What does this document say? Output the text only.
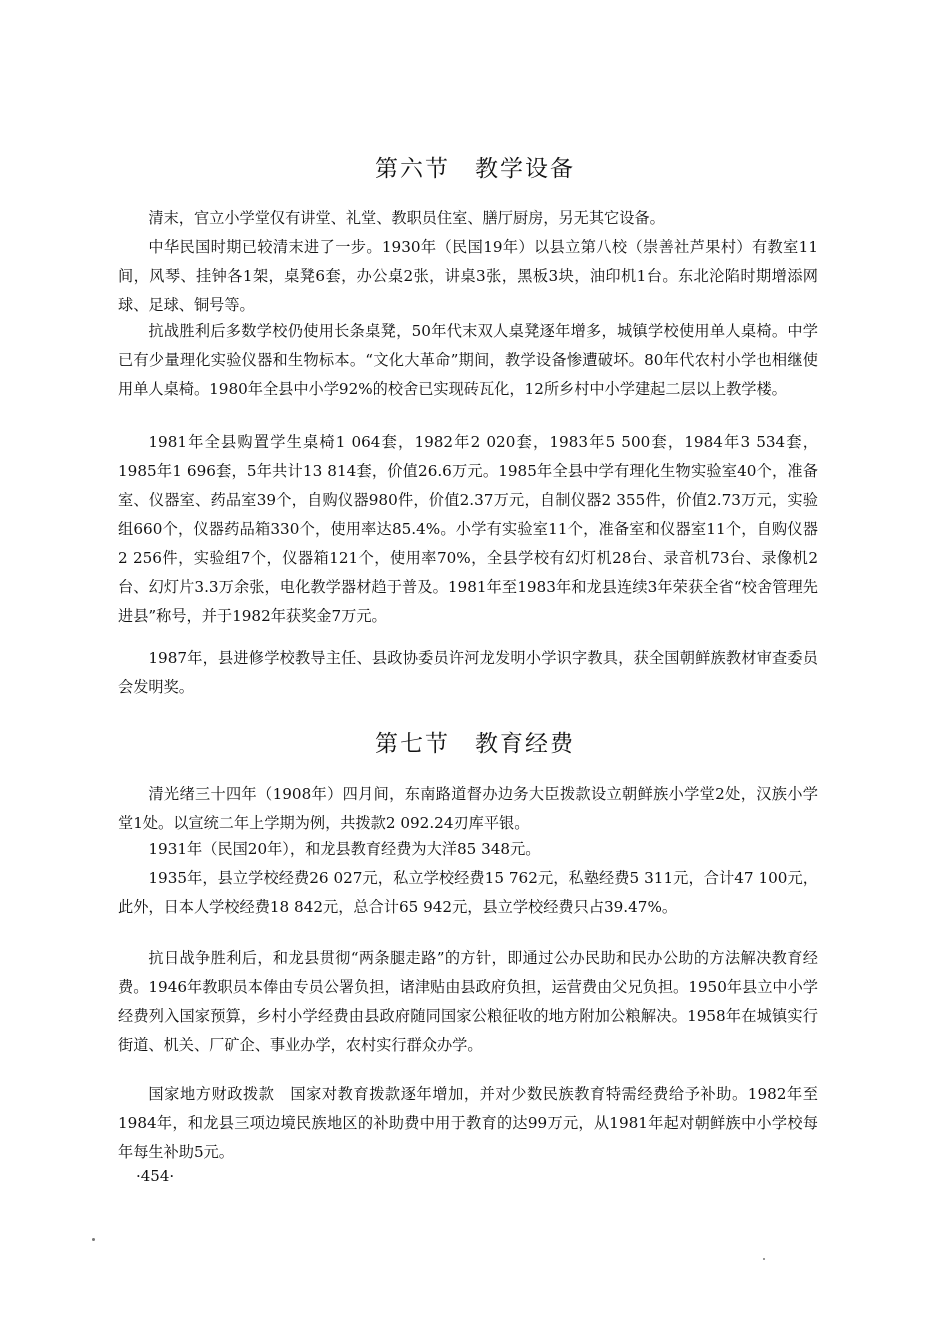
第六节　教学设备

清末，官立小学堂仅有讲堂、礼堂、教职员住室、膳厅厨房，另无其它设备。

中华民国时期已较清末进了一步。1930年（民国19年）以县立第八校（崇善社芦果村）有教室11间，风琴、挂钟各1架，桌凳6套，办公桌2张，讲桌3张，黑板3块，油印机1台。东北沦陷时期增添网球、足球、铜号等。

抗战胜利后多数学校仍使用长条桌凳，50年代末双人桌凳逐年增多，城镇学校使用单人桌椅。中学已有少量理化实验仪器和生物标本。“文化大革命”期间，教学设备惨遭破坏。80年代农村小学也相继使用单人桌椅。1980年全县中小学92%的校舍已实现砖瓦化，12所乡村中小学建起二层以上教学楼。

1981年全县购置学生桌椅1 064套，1982年2 020套，1983年5 500套，1984年3 534套，1985年1 696套，5年共计13 814套，价值26.6万元。1985年全县中学有理化生物实验室40个，准备室、仪器室、药品室39个，自购仪器980件，价值2.37万元，自制仪器2 355件，价值2.73万元，实验组660个，仪器药品箱330个，使用率达85.4%。小学有实验室11个，准备室和仪器室11个，自购仪器2 256件，实验组7个，仪器箱121个，使用率70%，全县学校有幻灯机28台、录音机73台、录像机2台、幻灯片3.3万余张，电化教学器材趋于普及。1981年至1983年和龙县连续3年荣获全省“校舍管理先进县”称号，并于1982年获奖金7万元。

1987年，县进修学校教导主任、县政协委员许河龙发明小学识字教具，获全国朝鲜族教材审查委员会发明奖。

第七节　教育经费

清光绪三十四年（1908年）四月间，东南路道督办边务大臣拨款设立朝鲜族小学堂2处，汉族小学堂1处。以宣统二年上学期为例，共拨款2 092.24刃库平银。

1931年（民国20年），和龙县教育经费为大洋85 348元。

1935年，县立学校经费26 027元，私立学校经费15 762元，私塾经费5 311元，合计47 100元，此外，日本人学校经费18 842元，总合计65 942元，县立学校经费只占39.47%。

抗日战争胜利后，和龙县贯彻“两条腿走路”的方针，即通过公办民助和民办公助的方法解决教育经费。1946年教职员本俸由专员公署负担，诸津贴由县政府负担，运营费由父兄负担。1950年县立中小学经费列入国家预算，乡村小学经费由县政府随同国家公粮征收的地方附加公粮解决。1958年在城镇实行街道、机关、厂矿企、事业办学，农村实行群众办学。

国家地方财政拨款　国家对教育拨款逐年增加，并对少数民族教育特需经费给予补助。1982年至1984年，和龙县三项边境民族地区的补助费中用于教育的达99万元，从1981年起对朝鲜族中小学校每年每生补助5元。

·454·
